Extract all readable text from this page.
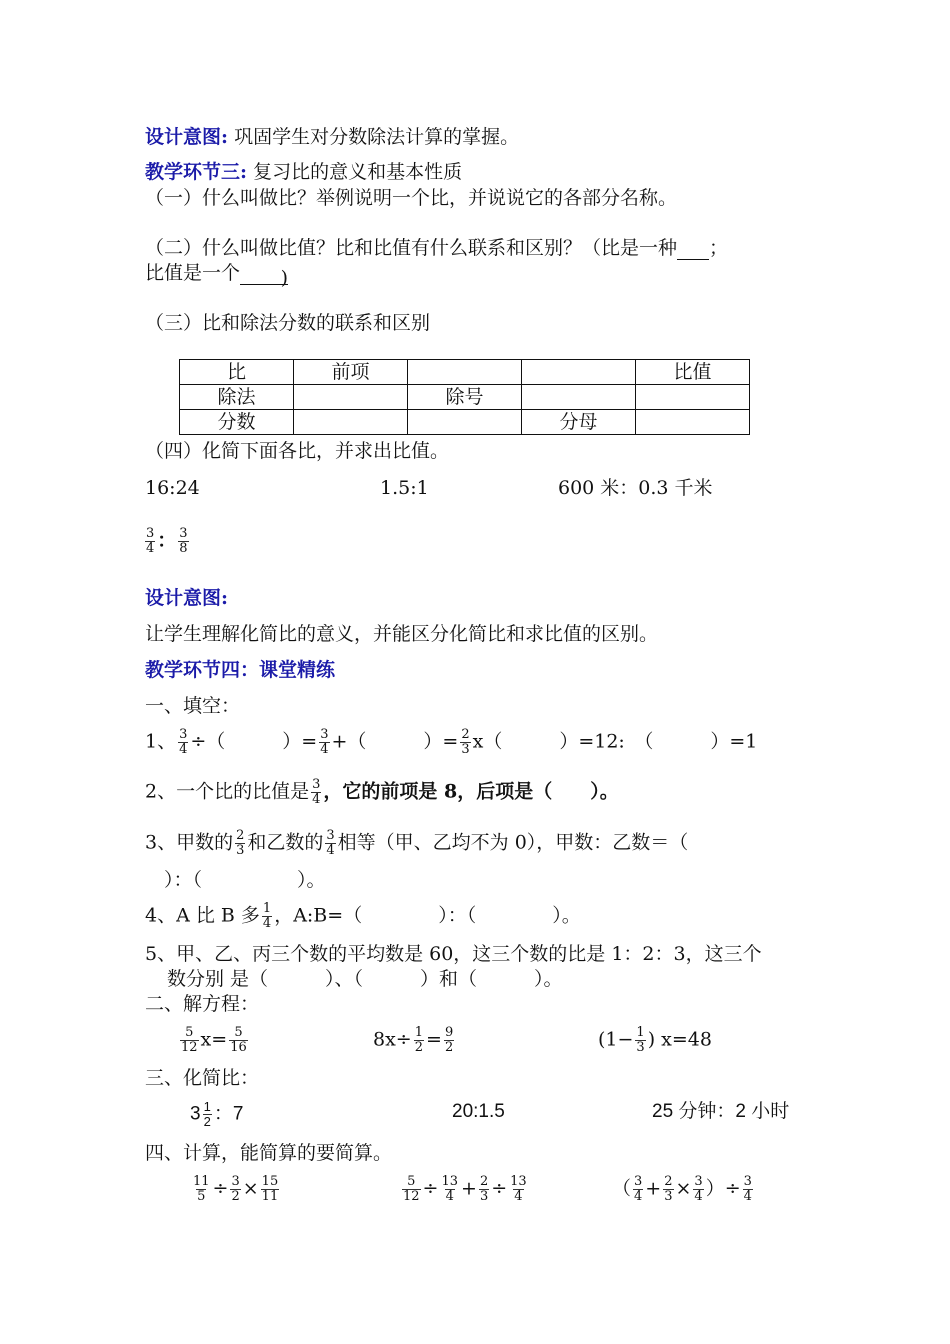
设计意图: 巩固学生对分数除法计算的掌握。
教学环节三: 复习比的意义和基本性质
（一）什么叫做比？举例说明一个比，并说说它的各部分名称。
（二）什么叫做比值？比和比值有什么联系和区别？（比是一种 ；
比值是一个 )
（三）比和除法分数的联系和区别
比	前项			比值
除法		除号		
分数			分母	
（四）化简下面各比，并求出比值。
16:24	1.5:1	600 米：0.3 千米
$\frac{3}{4}$ ： $\frac{3}{8}$
设计意图:
让学生理解化简比的意义，并能区分化简比和求比值的区别。
教学环节四：课堂精练
一、填空：
1、 $\frac{3}{4}$ ÷（　　　）= $\frac{3}{4}$ +（　　　）= $\frac{2}{3} x$（　　　）=12:　（　　　）=1
2、一个比的比值是 $\frac{3}{4}$ ，它的前项是 8，后项是（　　）。
3、甲数的 $\frac{2}{3}$ 和乙数的 $\frac{3}{4}$ 相等（甲、乙均不为 0），甲数：乙数＝（
　）：（　　　　　）。
4、A 比 B 多 $\frac{1}{4}$ ，A:B=（　　　　）：（　　　　）。
5、甲、乙、丙三个数的平均数是 60，这三个数的比是 1：2：3，这三个
数分别 是（　　　）、（　　　）和（　　　）。
二、解方程：
$\frac{5}{12} x= \frac{5}{16}$	$8x\div \frac{1}{2} = \frac{9}{2}$	($1- \frac{1}{3}$ ) x=48
三、化简比：
$3 \frac{1}{2}$ ：7	20:1.5	25 分钟：2 小时
四、计算，能简算的要简算。
$\frac{11}{5} \div \frac{3}{2} \times \frac{15}{11}$	$\frac{5}{12} \div \frac{13}{4} + \frac{2}{3} \div \frac{13}{4}$	（ $\frac{3}{4} + \frac{2}{3} \times \frac{3}{4}$ ）÷ $\frac{3}{4}$
